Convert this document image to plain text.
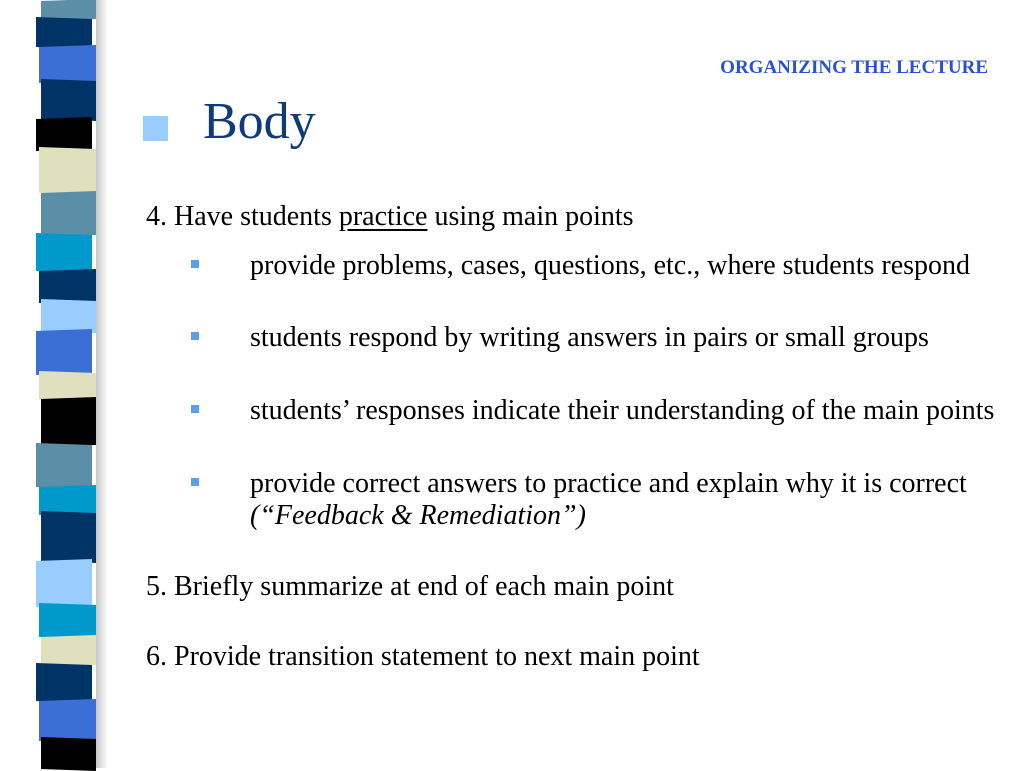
ORGANIZING THE LECTURE
Body
4. Have students practice using main points
provide problems, cases, questions, etc., where students respond
students respond by writing answers in pairs or small groups
students’ responses indicate their understanding of the main points
provide correct answers to practice and explain why it is correct (“Feedback & Remediation”)
5. Briefly summarize at end of each main point
6. Provide transition statement to next main point
